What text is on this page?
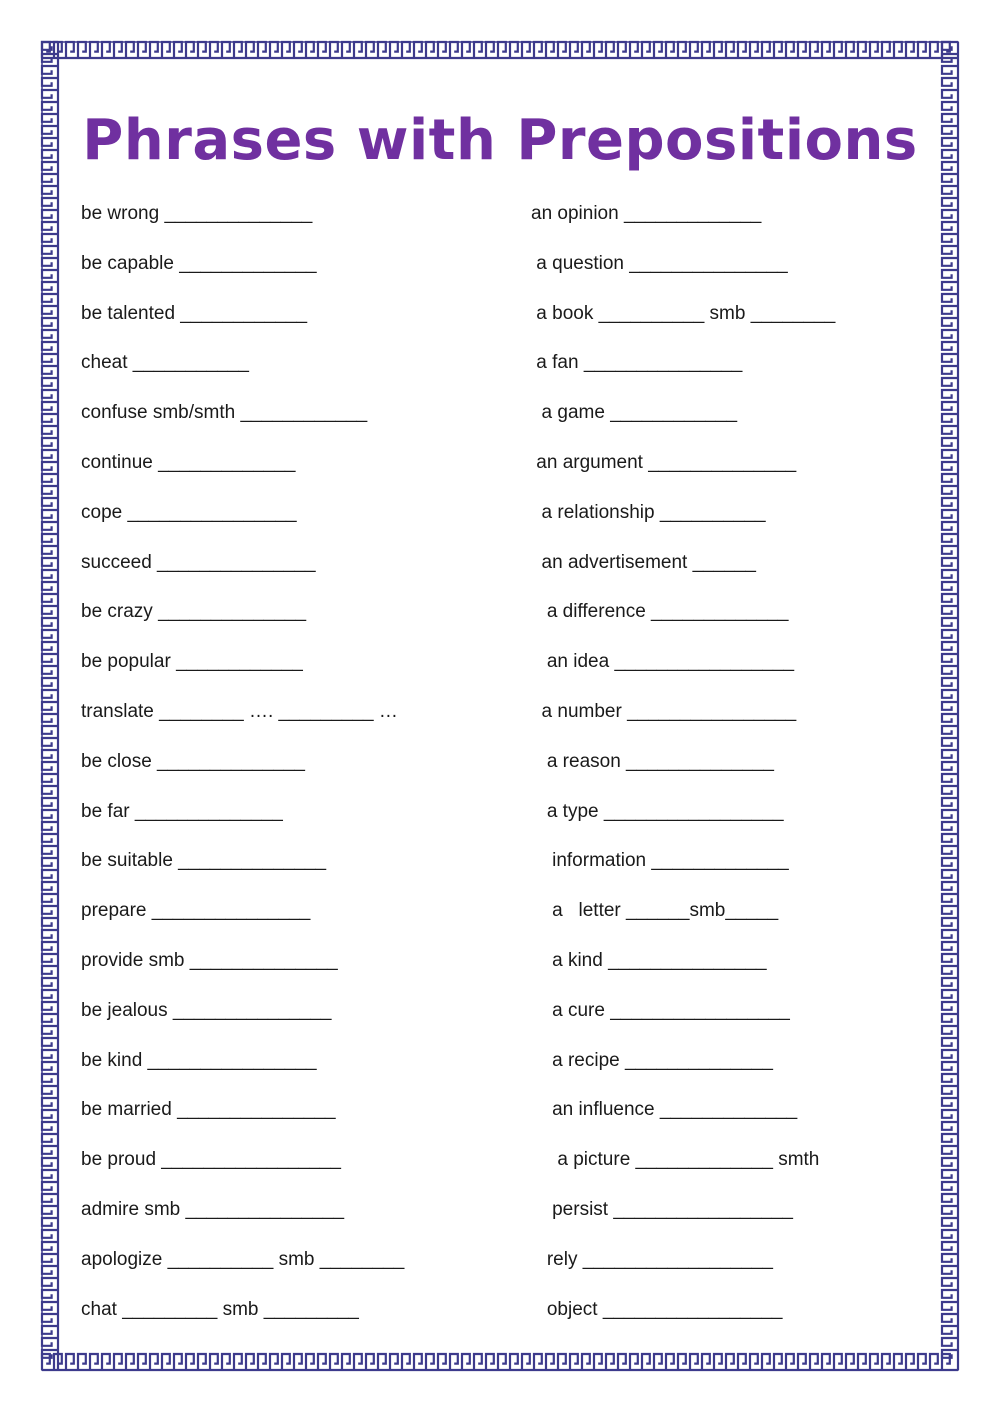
Phrases with Prepositions
be wrong ______________
be capable _____________
be talented ____________
cheat ___________
confuse smb/smth ____________
continue _____________
cope ________________
succeed _______________
be crazy ______________
be popular ____________
translate ________ …. _________ …
be close ______________
be far ______________
be suitable ______________
prepare _______________
provide smb ______________
be jealous _______________
be kind ________________
be married _______________
be proud _________________
admire smb _______________
apologize __________ smb ________
chat _________ smb _________
an opinion _____________
a question _______________
a book __________ smb ________
a fan _______________
a game ____________
an argument ______________
a relationship __________
an advertisement ______
a difference _____________
an idea _________________
a number ________________
a reason ______________
a type _________________
information _____________
a   letter ______smb_____
a kind _______________
a cure _________________
a recipe ______________
an influence _____________
a picture _____________ smth
persist _________________
rely __________________
object _________________
